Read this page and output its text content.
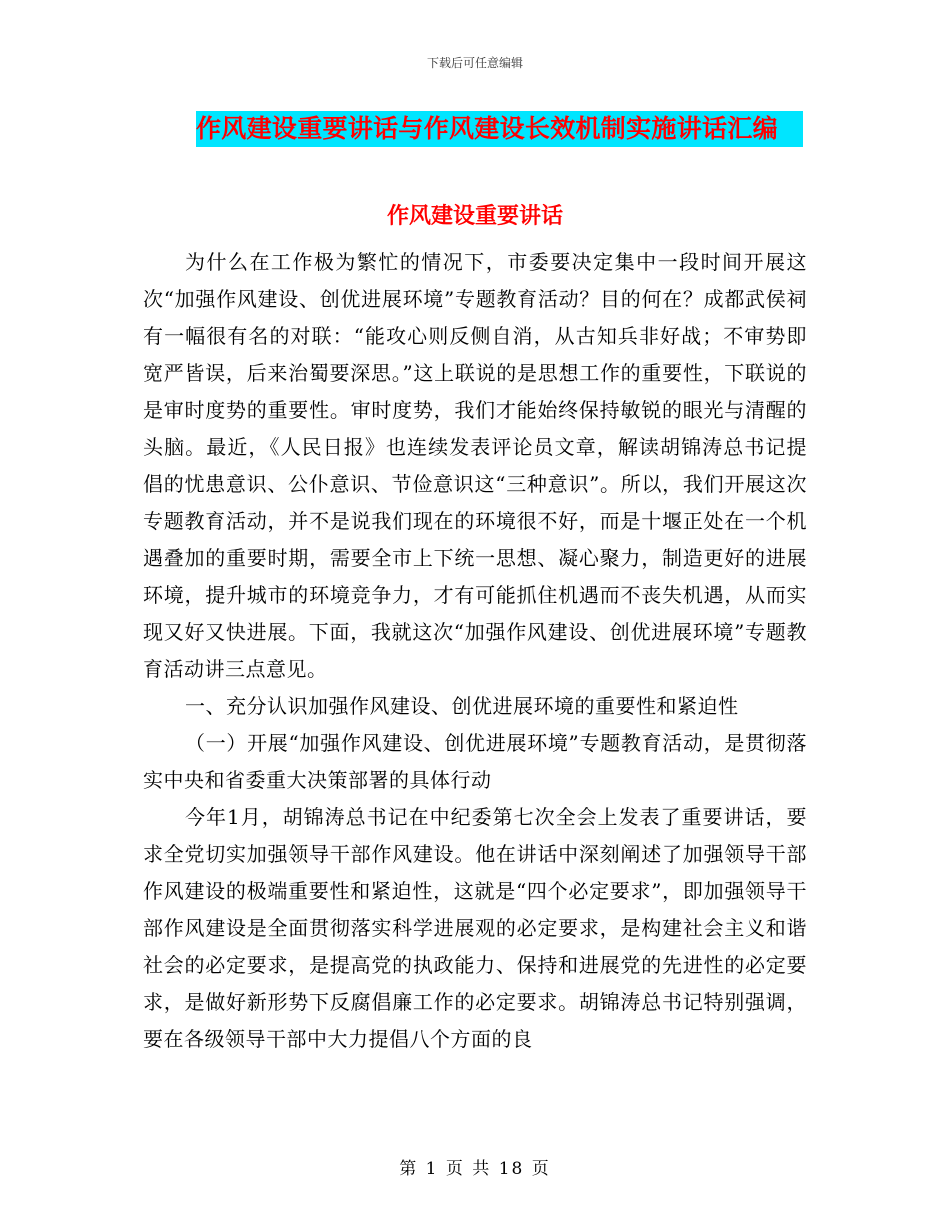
下载后可任意编辑
作风建设重要讲话与作风建设长效机制实施讲话汇编
作风建设重要讲话

为什么在工作极为繁忙的情况下，市委要决定集中一段时间开展这次“加强作风建设、创优进展环境”专题教育活动？目的何在？成都武侯祠有一幅很有名的对联：“能攻心则反侧自消，从古知兵非好战；不审势即宽严皆误，后来治蜀要深思。”这上联说的是思想工作的重要性，下联说的是审时度势的重要性。审时度势，我们才能始终保持敏锐的眼光与清醒的头脑。最近，《人民日报》也连续发表评论员文章，解读胡锦涛总书记提倡的忧患意识、公仆意识、节俭意识这“三种意识”。所以，我们开展这次专题教育活动，并不是说我们现在的环境很不好，而是十堰正处在一个机遇叠加的重要时期，需要全市上下统一思想、凝心聚力，制造更好的进展环境，提升城市的环境竞争力，才有可能抓住机遇而不丧失机遇，从而实现又好又快进展。下面，我就这次“加强作风建设、创优进展环境”专题教育活动讲三点意见。

一、充分认识加强作风建设、创优进展环境的重要性和紧迫性

（一）开展“加强作风建设、创优进展环境”专题教育活动，是贯彻落实中央和省委重大决策部署的具体行动

今年1月，胡锦涛总书记在中纪委第七次全会上发表了重要讲话，要求全党切实加强领导干部作风建设。他在讲话中深刻阐述了加强领导干部作风建设的极端重要性和紧迫性，这就是“四个必定要求”，即加强领导干部作风建设是全面贯彻落实科学进展观的必定要求，是构建社会主义和谐社会的必定要求，是提高党的执政能力、保持和进展党的先进性的必定要求，是做好新形势下反腐倡廉工作的必定要求。胡锦涛总书记特别强调，要在各级领导干部中大力提倡八个方面的良

第 1 页 共 18 页
